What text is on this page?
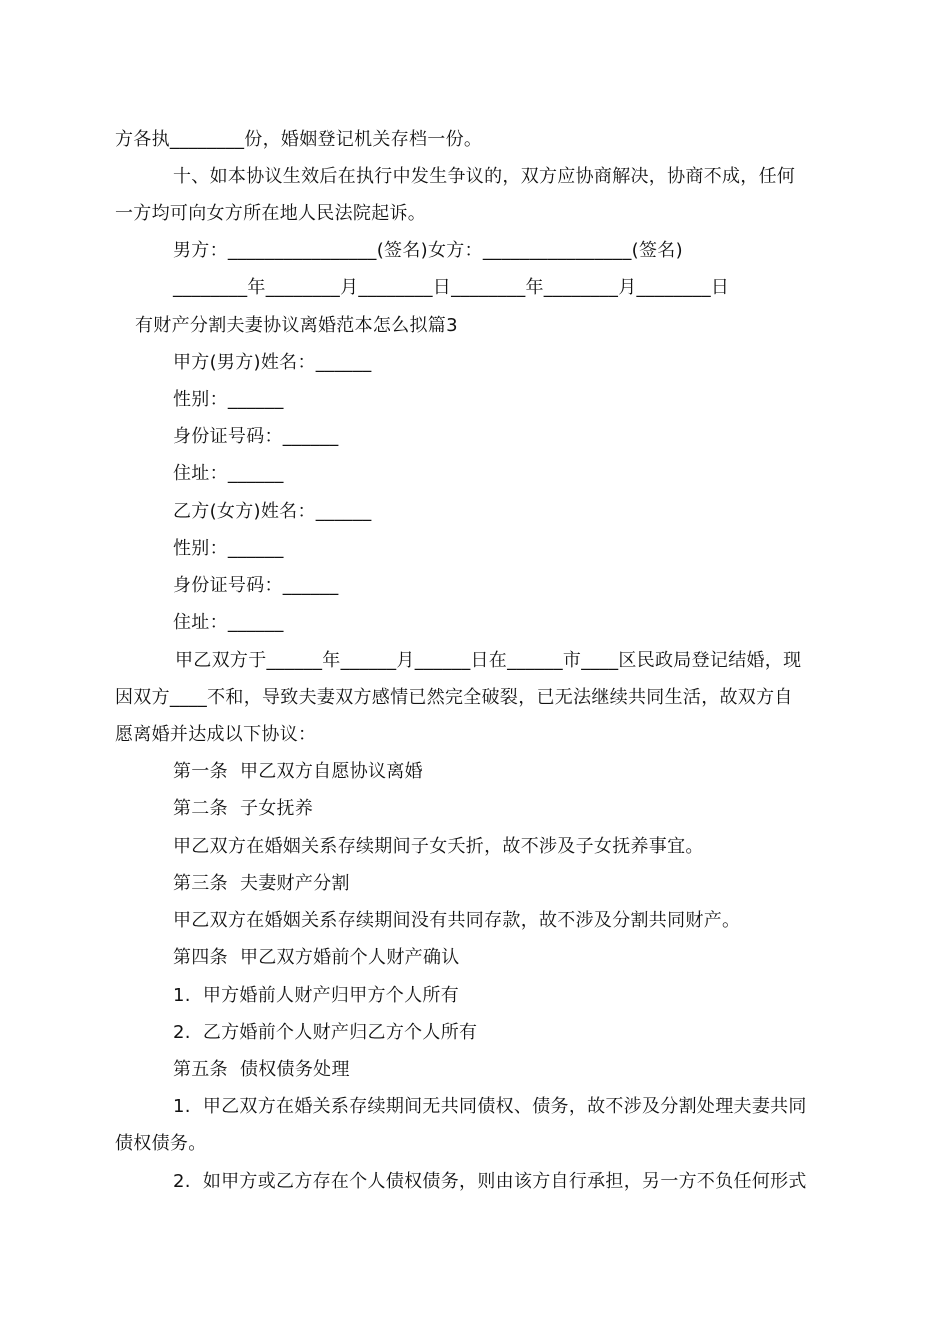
方各执________份，婚姻登记机关存档一份。
十、如本协议生效后在执行中发生争议的，双方应协商解决，协商不成，任何
一方均可向女方所在地人民法院起诉。
男方：________________(签名)女方：________________(签名)
________年________月________日________年________月________日
有财产分割夫妻协议离婚范本怎么拟篇3
甲方(男方)姓名：______
性别：______
身份证号码：______
住址：______
乙方(女方)姓名：______
性别：______
身份证号码：______
住址：______
甲乙双方于______年______月______日在______市____区民政局登记结婚，现
因双方____不和，导致夫妻双方感情已然完全破裂，已无法继续共同生活，故双方自
愿离婚并达成以下协议：
第一条  甲乙双方自愿协议离婚
第二条  子女抚养
甲乙双方在婚姻关系存续期间子女夭折，故不涉及子女抚养事宜。
第三条  夫妻财产分割
甲乙双方在婚姻关系存续期间没有共同存款，故不涉及分割共同财产。
第四条  甲乙双方婚前个人财产确认
1.  甲方婚前人财产归甲方个人所有
2.  乙方婚前个人财产归乙方个人所有
第五条  债权债务处理
1.  甲乙双方在婚关系存续期间无共同债权、债务，故不涉及分割处理夫妻共同
债权债务。
2.  如甲方或乙方存在个人债权债务，则由该方自行承担，另一方不负任何形式
